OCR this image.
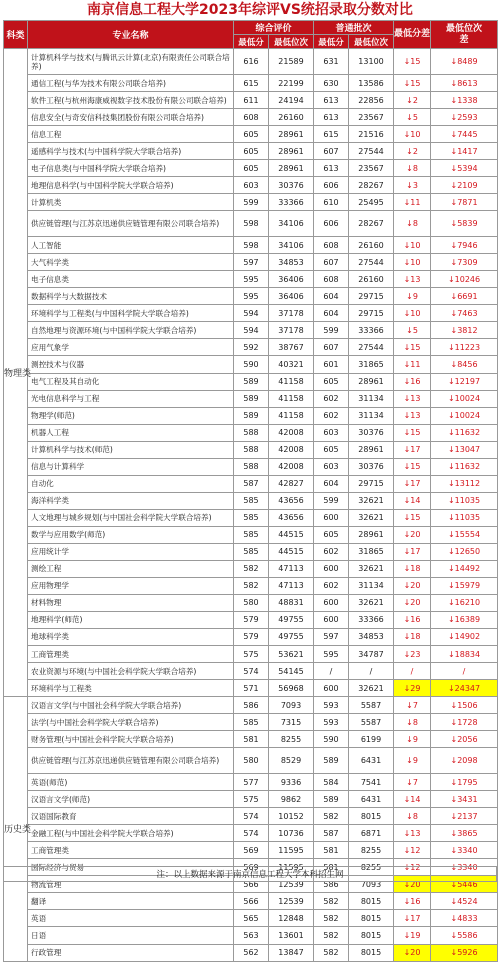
南京信息工程大学2023年综评VS统招录取分数对比
科类	专业名称	综合评价		普通批次		最低分差	最低位次差
		最低分	最低位次	最低分	最低位次		
物理类	计算机科学与技术(与腾讯云计算(北京)有限责任公司联合培养)	616	21589	631	13100	↓15	↓8489
	通信工程(与华为技术有限公司联合培养)	615	22199	630	13586	↓15	↓8613
	软件工程(与杭州海康威视数字技术股份有限公司联合培养)	611	24194	613	22856	↓2	↓1338
	信息安全(与奇安信科技集团股份有限公司联合培养)	608	26160	613	23567	↓5	↓2593
	信息工程	605	28961	615	21516	↓10	↓7445
	遥感科学与技术(与中国科学院大学联合培养)	605	28961	607	27544	↓2	↓1417
	电子信息类(与中国科学院大学联合培养)	605	28961	613	23567	↓8	↓5394
	地理信息科学(与中国科学院大学联合培养)	603	30376	606	28267	↓3	↓2109
	计算机类	599	33366	610	25495	↓11	↓7871
	供应链管理(与江苏京迅递供应链管理有限公司联合培养)	598	34106	606	28267	↓8	↓5839
	人工智能	598	34106	608	26160	↓10	↓7946
	大气科学类	597	34853	607	27544	↓10	↓7309
	电子信息类	595	36406	608	26160	↓13	↓10246
	数据科学与大数据技术	595	36406	604	29715	↓9	↓6691
	环境科学与工程类(与中国科学院大学联合培养)	594	37178	604	29715	↓10	↓7463
	自然地理与资源环境(与中国科学院大学联合培养)	594	37178	599	33366	↓5	↓3812
	应用气象学	592	38767	607	27544	↓15	↓11223
	测控技术与仪器	590	40321	601	31865	↓11	↓8456
	电气工程及其自动化	589	41158	605	28961	↓16	↓12197
	光电信息科学与工程	589	41158	602	31134	↓13	↓10024
	物理学(师范)	589	41158	602	31134	↓13	↓10024
	机器人工程	588	42008	603	30376	↓15	↓11632
	计算机科学与技术(师范)	588	42008	605	28961	↓17	↓13047
	信息与计算科学	588	42008	603	30376	↓15	↓11632
	自动化	587	42827	604	29715	↓17	↓13112
	海洋科学类	585	43656	599	32621	↓14	↓11035
	人文地理与城乡规划(与中国社会科学院大学联合培养)	585	43656	600	32621	↓15	↓11035
	数学与应用数学(师范)	585	44515	605	28961	↓20	↓15554
	应用统计学	585	44515	602	31865	↓17	↓12650
	测绘工程	582	47113	600	32621	↓18	↓14492
	应用物理学	582	47113	602	31134	↓20	↓15979
	材料物理	580	48831	600	32621	↓20	↓16210
	地理科学(师范)	579	49755	600	33366	↓16	↓16389
	地球科学类	579	49755	597	34853	↓18	↓14902
	工商管理类	575	53621	595	34787	↓23	↓18834
	农业资源与环境(与中国社会科学院大学联合培养)	574	54145	/	/	/	/
	环境科学与工程类	571	56968	600	32621	↓29	↓24347
历史类	汉语言文学(与中国社会科学院大学联合培养)	586	7093	593	5587	↓7	↓1506
	法学(与中国社会科学院大学联合培养)	585	7315	593	5587	↓8	↓1728
	财务管理(与中国社会科学院大学联合培养)	581	8255	590	6199	↓9	↓2056
	供应链管理(与江苏京迅递供应链管理有限公司联合培养)	580	8529	589	6431	↓9	↓2098
	英语(师范)	577	9336	584	7541	↓7	↓1795
	汉语言文学(师范)	575	9862	589	6431	↓14	↓3431
	汉语国际教育	574	10152	582	8015	↓8	↓2137
	金融工程(与中国社会科学院大学联合培养)	574	10736	587	6871	↓13	↓3865
	工商管理类	569	11595	581	8255	↓12	↓3340
	国际经济与贸易	569	11595	581	8255	↓12	↓3340
	物流管理	566	12539	586	7093	↓20	↓5446
	翻译	566	12539	582	8015	↓16	↓4524
	英语	565	12848	582	8015	↓17	↓4833
	日语	563	13601	582	8015	↓19	↓5586
	行政管理	562	13847	582	8015	↓20	↓5926
注：以上数据来源于南京信息工程大学本科招生网
